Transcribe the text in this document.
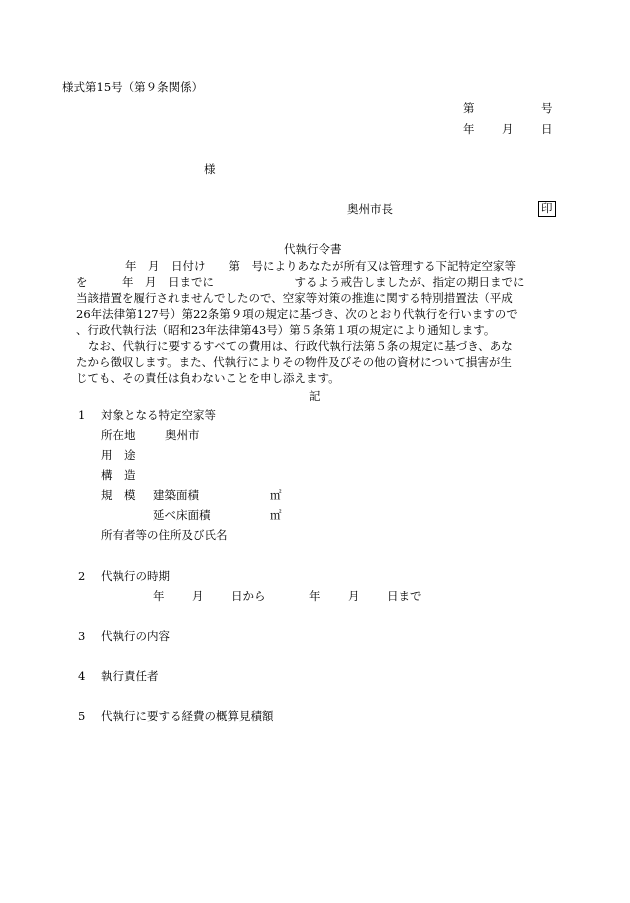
様式第15号（第９条関係）
第	号
年 月 日
様
奥州市長	印
代執行令書
年　月　日付け　　第　号によりあなたが所有又は管理する下記特定空家等
を　　　年　月　日までに　　　　　　　するよう戒告しましたが、指定の期日までに
当該措置を履行されませんでしたので、空家等対策の推進に関する特別措置法（平成
26年法律第127号）第22条第９項の規定に基づき、次のとおり代執行を行いますので
、行政代執行法（昭和23年法律第43号）第５条第１項の規定により通知します。
なお、代執行に要するすべての費用は、行政代執行法第５条の規定に基づき、あな
たから徴収します。また、代執行によりその物件及びその他の資材について損害が生
じても、その責任は負わないことを申し添えます。
記
1 対象となる特定空家等
所在地	奥州市
用　途
構　造
規　模 建築面積	㎡
延べ床面積	㎡
所有者等の住所及び氏名
2 代執行の時期
年 月 日から	年 月 日まで
3 代執行の内容
4 執行責任者
5 代執行に要する経費の概算見積額
